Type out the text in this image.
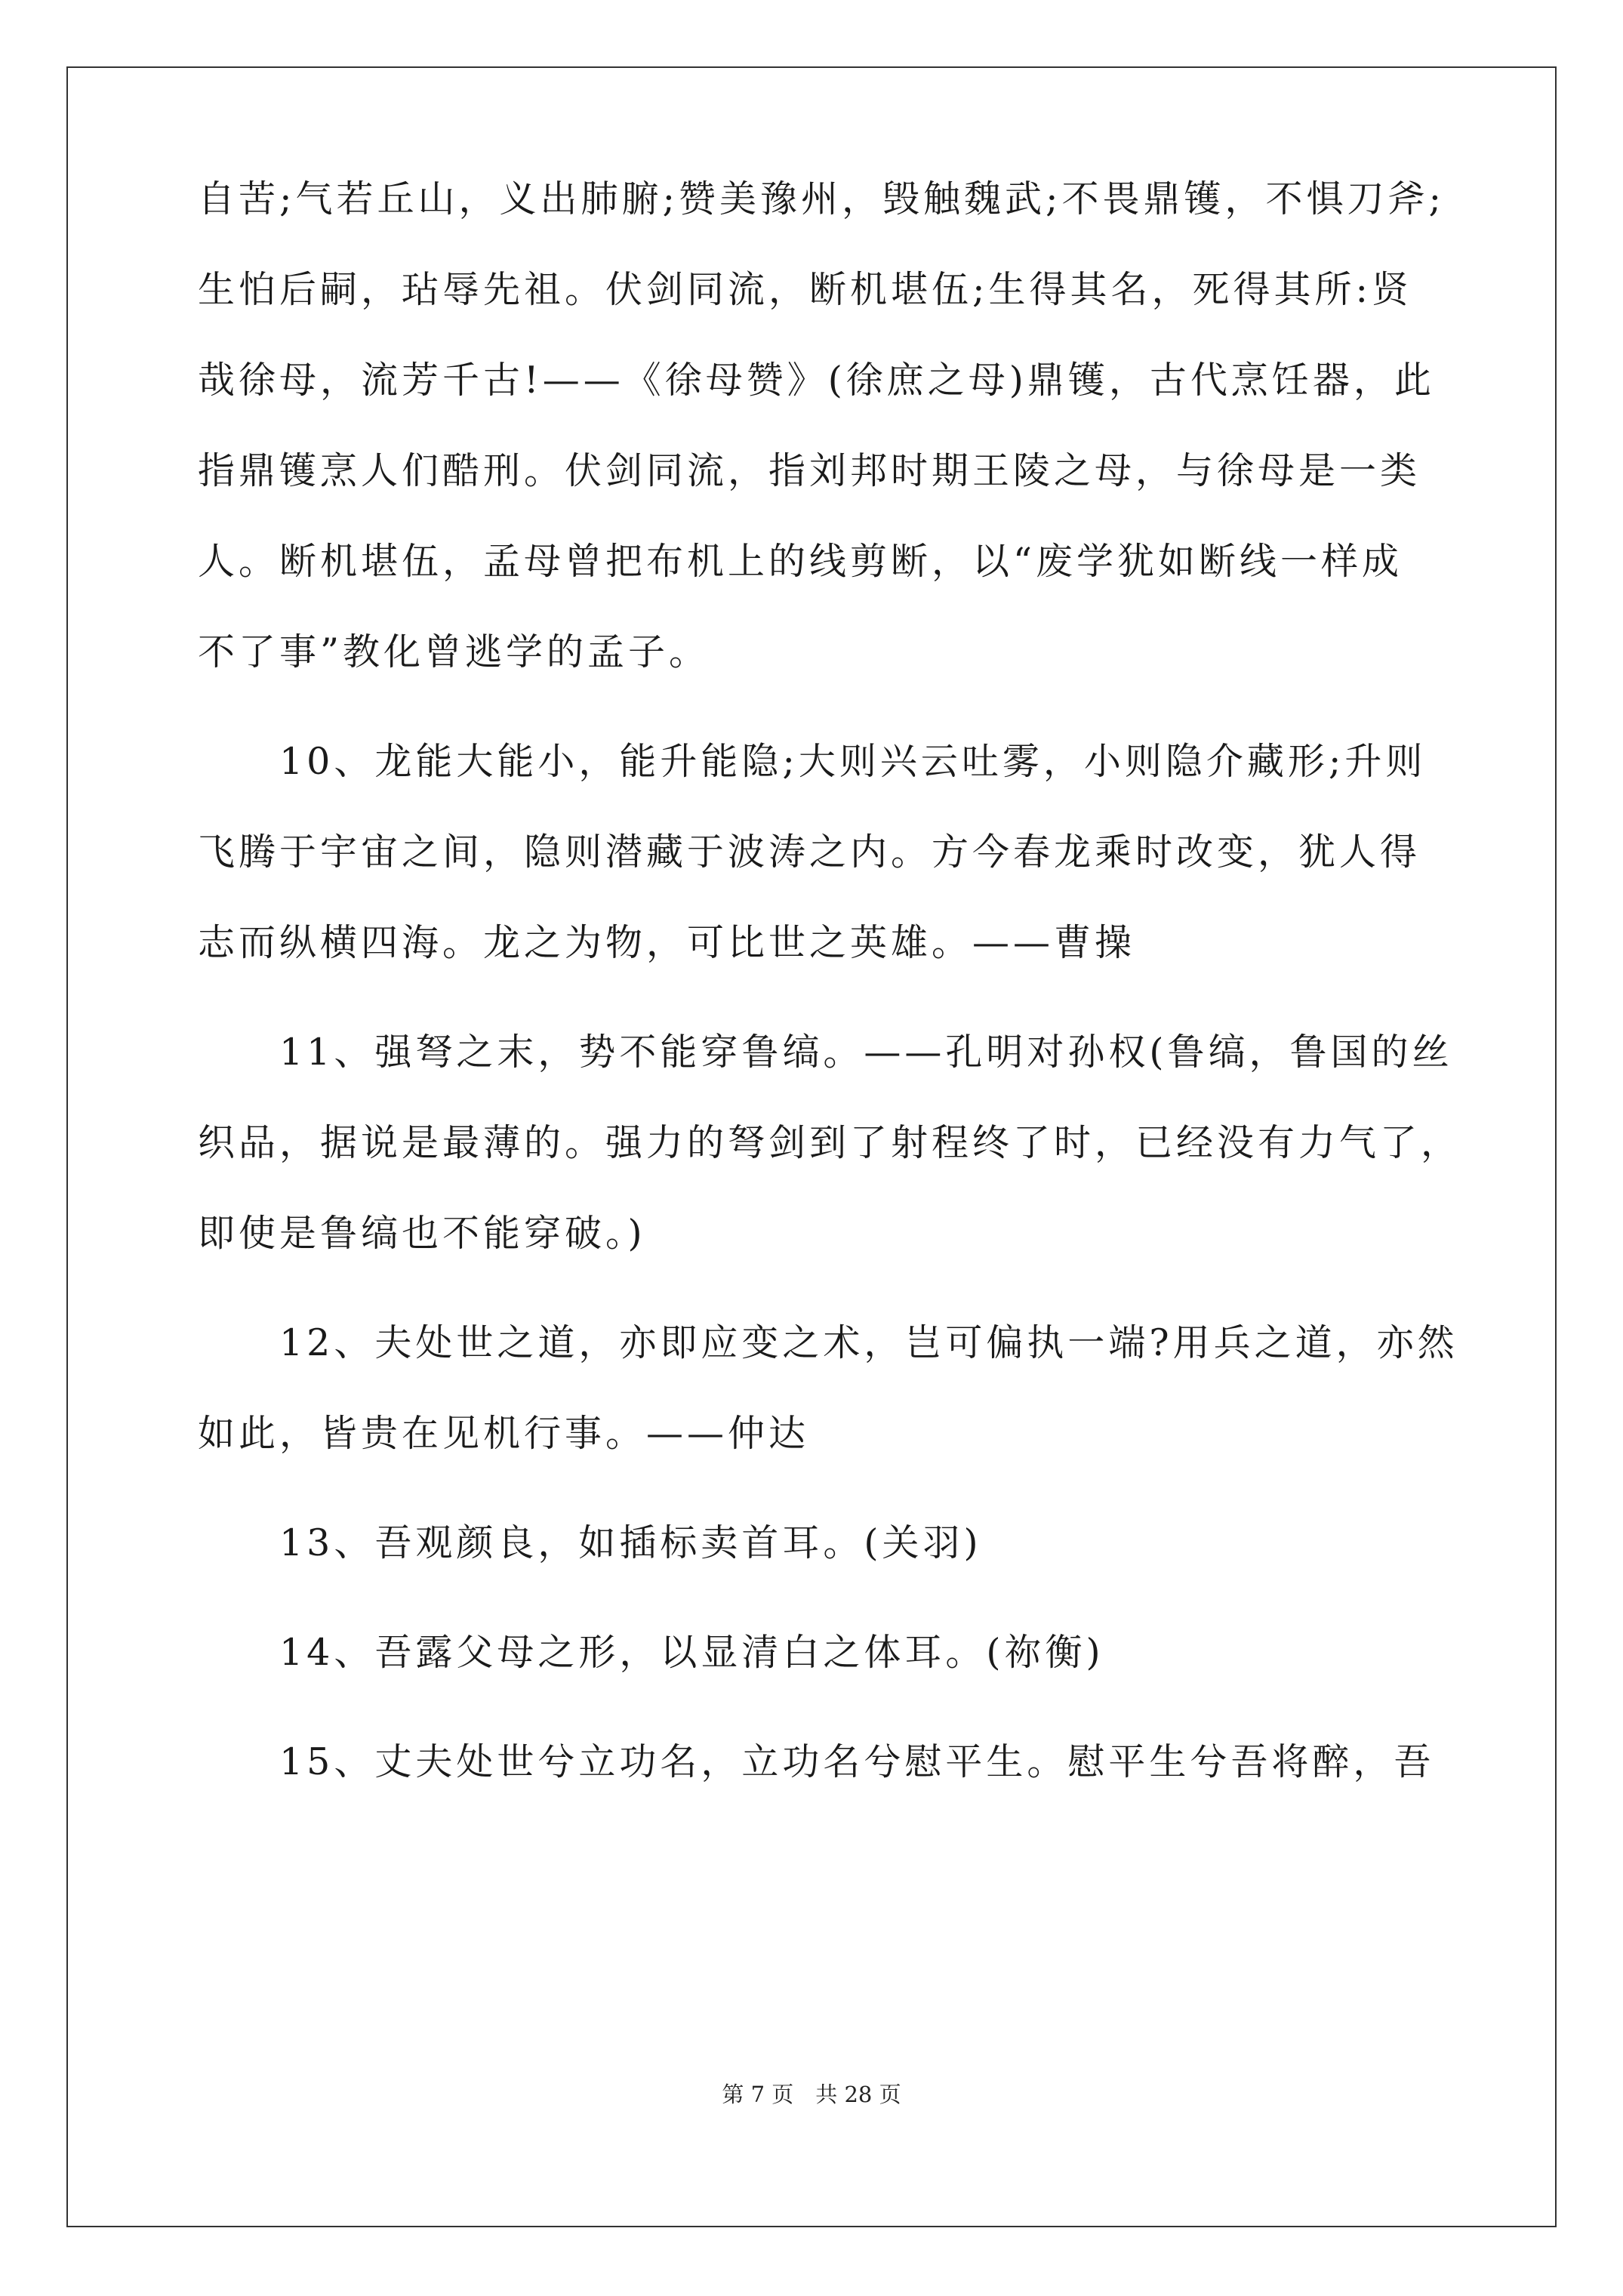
自苦;气若丘山，义出肺腑;赞美豫州，毁触魏武;不畏鼎镬，不惧刀斧;
生怕后嗣，玷辱先祖。伏剑同流，断机堪伍;生得其名，死得其所:贤
哉徐母，流芳千古!——《徐母赞》(徐庶之母)鼎镬，古代烹饪器，此
指鼎镬烹人们酷刑。伏剑同流，指刘邦时期王陵之母，与徐母是一类
人。断机堪伍，孟母曾把布机上的线剪断，以“废学犹如断线一样成
不了事”教化曾逃学的孟子。
　　10、龙能大能小，能升能隐;大则兴云吐雾，小则隐介藏形;升则
飞腾于宇宙之间，隐则潜藏于波涛之内。方今春龙乘时改变，犹人得
志而纵横四海。龙之为物，可比世之英雄。——曹操
　　11、强弩之末，势不能穿鲁缟。——孔明对孙权(鲁缟，鲁国的丝
织品，据说是最薄的。强力的弩剑到了射程终了时，已经没有力气了，
即使是鲁缟也不能穿破。)
　　12、夫处世之道，亦即应变之术，岂可偏执一端?用兵之道，亦然
如此，皆贵在见机行事。——仲达
　　13、吾观颜良，如插标卖首耳。(关羽)
　　14、吾露父母之形，以显清白之体耳。(祢衡)
　　15、丈夫处世兮立功名，立功名兮慰平生。慰平生兮吾将醉，吾
第 7 页　共 28 页
